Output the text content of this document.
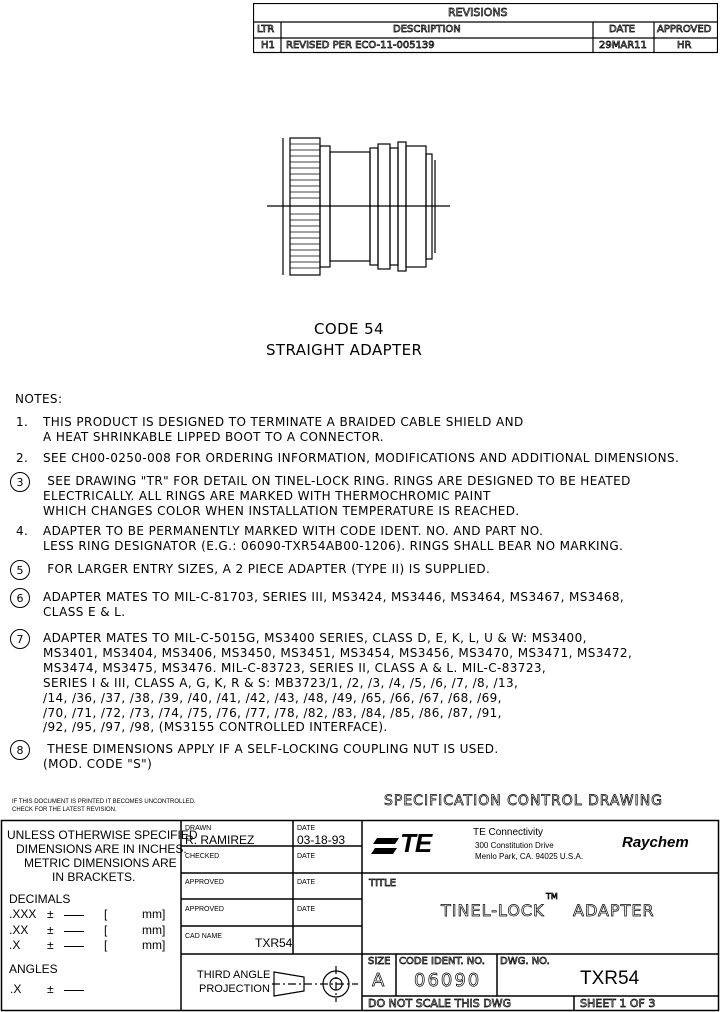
REVISIONS
LTR	DESCRIPTION	DATE APPROVED
H1 REVISED PER ECO-11-005139	29MAR11	HR
CODE 54
STRAIGHT ADAPTER
NOTES:
1. THIS PRODUCT IS DESIGNED TO TERMINATE A BRAIDED CABLE SHIELD AND
A HEAT SHRINKABLE LIPPED BOOT TO A CONNECTOR.
2. SEE CH00-0250-008 FOR ORDERING INFORMATION, MODIFICATIONS AND ADDITIONAL DIMENSIONS.
3	SEE DRAWING "TR" FOR DETAIL ON TINEL-LOCK RING. RINGS ARE DESIGNED TO BE HEATED
ELECTRICALLY. ALL RINGS ARE MARKED WITH THERMOCHROMIC PAINT
WHICH CHANGES COLOR WHEN INSTALLATION TEMPERATURE IS REACHED.
4. ADAPTER TO BE PERMANENTLY MARKED WITH CODE IDENT. NO. AND PART NO.
LESS RING DESIGNATOR (E.G.: 06090-TXR54AB00-1206). RINGS SHALL BEAR NO MARKING.
5	FOR LARGER ENTRY SIZES, A 2 PIECE ADAPTER (TYPE II) IS SUPPLIED.
6	ADAPTER MATES TO MIL-C-81703, SERIES III, MS3424, MS3446, MS3464, MS3467, MS3468,
CLASS E & L.
7	ADAPTER MATES TO MIL-C-5015G, MS3400 SERIES, CLASS D, E, K, L, U & W: MS3400,
MS3401, MS3404, MS3406, MS3450, MS3451, MS3454, MS3456, MS3470, MS3471, MS3472,
MS3474, MS3475, MS3476. MIL-C-83723, SERIES II, CLASS A & L. MIL-C-83723,
SERIES I & III, CLASS A, G, K, R & S: MB3723/1, /2, /3, /4, /5, /6, /7, /8, /13,
/14, /36, /37, /38, /39, /40, /41, /42, /43, /48, /49, /65, /66, /67, /68, /69,
/70, /71, /72, /73, /74, /75, /76, /77, /78, /82, /83, /84, /85, /86, /87, /91,
/92, /95, /97, /98, (MS3155 CONTROLLED INTERFACE).
8	THESE DIMENSIONS APPLY IF A SELF-LOCKING COUPLING NUT IS USED.
(MOD. CODE "S")
IF THIS DOCUMENT IS PRINTED IT BECOMES UNCONTROLLED.
CHECK FOR THE LATEST REVISION.
SPECIFICATION CONTROL DRAWING
UNLESS OTHERWISE SPECIFIED
DIMENSIONS ARE IN INCHES.
METRIC DIMENSIONS ARE
IN BRACKETS.
DECIMALS
.XXX ±	[	mm]
.XX ±	[	mm]
.X ±	[	mm]
ANGLES
.X ±
DRAWN
R. RAMIREZ
DATE
03-18-93
CHECKED	DATE
APPROVED	DATE
APPROVED	DATE
CAD NAME	TXR54
THIRD ANGLE
PROJECTION
TE	TE Connectivity
300 Constitution Drive
Menlo Park, CA. 94025 U.S.A.
Raychem
TITLE
TINEL-LOCK
TM
ADAPTER
SIZE
A
CODE IDENT. NO.
06090
DWG. NO.
TXR54
DO NOT SCALE THIS DWG	SHEET 1 OF 3
